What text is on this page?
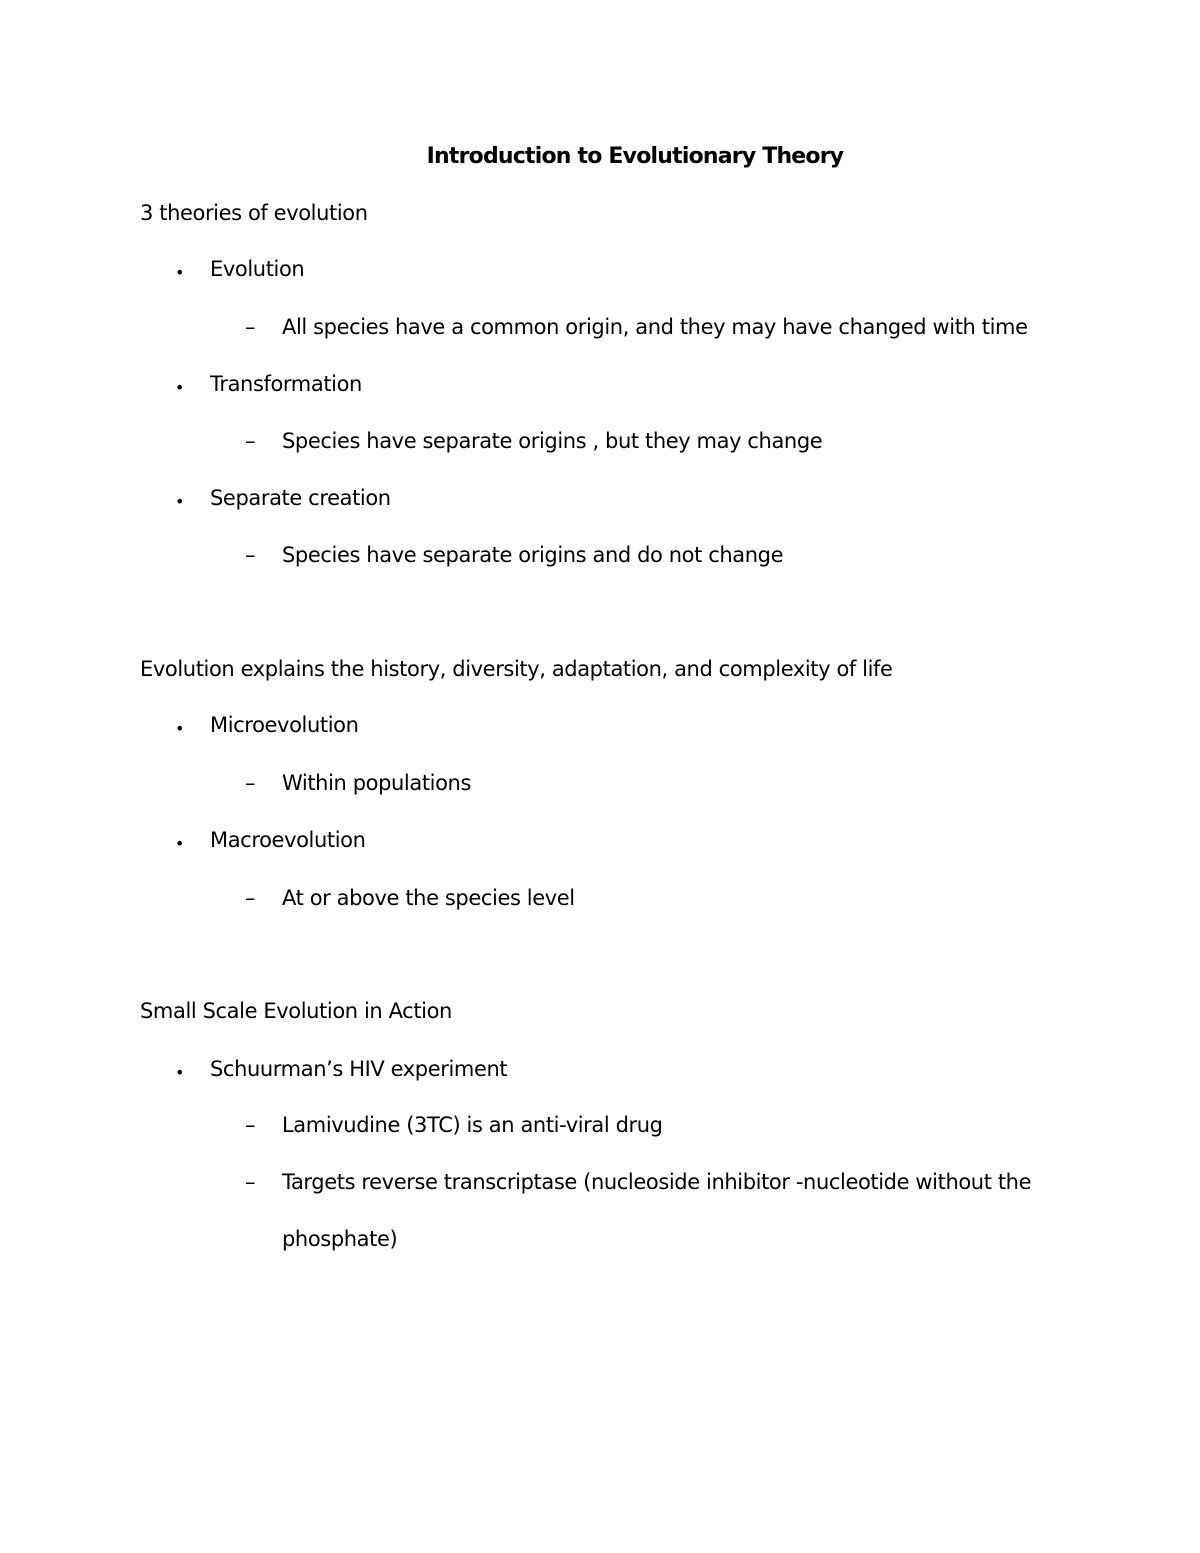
Introduction to Evolutionary Theory
3 theories of evolution
• Evolution
– All species have a common origin, and they may have changed with time
• Transformation
– Species have separate origins , but they may change
• Separate creation
– Species have separate origins and do not change
Evolution explains the history, diversity, adaptation, and complexity of life
• Microevolution
– Within populations
• Macroevolution
– At or above the species level
Small Scale Evolution in Action
• Schuurman’s HIV experiment
– Lamivudine (3TC) is an anti-viral drug
– Targets reverse transcriptase (nucleoside inhibitor -nucleotide without the
phosphate)
